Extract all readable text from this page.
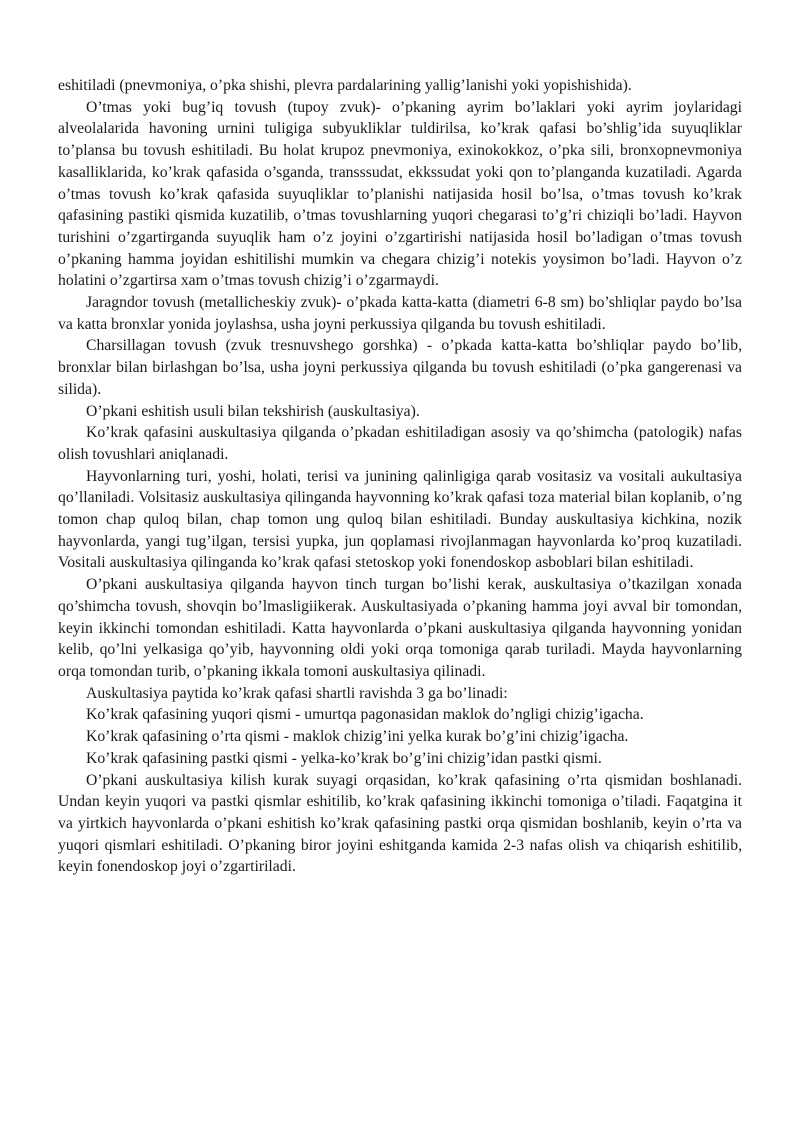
eshitiladi (pnevmoniya, o’pka shishi, plevra pardalarining yallig’lanishi yoki yopishishida).

O’tmas yoki bug’iq tovush (tupoy zvuk)- o’pkaning ayrim bo’laklari yoki ayrim joylaridagi alveolalarida havoning urnini tuligiga subyukliklar tuldirilsa, ko’krak qafasi bo’shlig’ida suyuqliklar to’plansa bu tovush eshitiladi. Bu holat krupoz pnevmoniya, exinokokkoz, o’pka sili, bronxopnevmoniya kasalliklarida, ko’krak qafasida o’sganda, transssudat, ekkssudat yoki qon to’planganda kuzatiladi. Agarda o’tmas tovush ko’krak qafasida suyuqliklar to’planishi natijasida hosil bo’lsa, o’tmas tovush ko’krak qafasining pastiki qismida kuzatilib, o’tmas tovushlarning yuqori chegarasi to’g’ri chiziqli bo’ladi. Hayvon turishini o’zgartirganda suyuqlik ham o’z joyini o’zgartirishi natijasida hosil bo’ladigan o’tmas tovush o’pkaning hamma joyidan eshitilishi mumkin va chegara chizig’i notekis yoysimon bo’ladi. Hayvon o’z holatini o’zgartirsa xam o’tmas tovush chizig’i o’zgarmaydi.

Jaragndor tovush (metallicheskiy zvuk)- o’pkada katta-katta (diametri 6-8 sm) bo’shliqlar paydo bo’lsa va katta bronxlar yonida joylashsa, usha joyni perkussiya qilganda bu tovush eshitiladi.

Charsillagan tovush (zvuk tresnuvshego gorshka) - o’pkada katta-katta bo’shliqlar paydo bo’lib, bronxlar bilan birlashgan bo’lsa, usha joyni perkussiya qilganda bu tovush eshitiladi (o’pka gangerenasi va silida).

O’pkani eshitish usuli bilan tekshirish (auskultasiya).

Ko’krak qafasini auskultasiya qilganda o’pkadan eshitiladigan asosiy va qo’shimcha (patologik) nafas olish tovushlari aniqlanadi.

Hayvonlarning turi, yoshi, holati, terisi va junining qalinligiga qarab vositasiz va vositali aukultasiya qo’llaniladi. Volsitasiz auskultasiya qilinganda hayvonning ko’krak qafasi toza material bilan koplanib, o’ng tomon chap quloq bilan, chap tomon ung quloq bilan eshitiladi. Bunday auskultasiya kichkina, nozik hayvonlarda, yangi tug’ilgan, tersisi yupka, jun qoplamasi rivojlanmagan hayvonlarda ko’proq kuzatiladi. Vositali auskultasiya qilinganda ko’krak qafasi stetoskop yoki fonendoskop asboblari bilan eshitiladi.

O’pkani auskultasiya qilganda hayvon tinch turgan bo’lishi kerak, auskultasiya o’tkazilgan xonada qo’shimcha tovush, shovqin bo’lmasligiikerak. Auskultasiyada o’pkaning hamma joyi avval bir tomondan, keyin ikkinchi tomondan eshitiladi. Katta hayvonlarda o’pkani auskultasiya qilganda hayvonning yonidan kelib, qo’lni yelkasiga qo’yib, hayvonning oldi yoki orqa tomoniga qarab turiladi. Mayda hayvonlarning orqa tomondan turib, o’pkaning ikkala tomoni auskultasiya qilinadi.

Auskultasiya paytida ko’krak qafasi shartli ravishda 3 ga bo’linadi:

Ko’krak qafasining yuqori qismi - umurtqa pagonasidan maklok do’ngligi chizig’igacha.

Ko’krak qafasining o’rta qismi - maklok chizig’ini yelka kurak bo’g’ini chizig’igacha.

Ko’krak qafasining pastki qismi - yelka-ko’krak bo’g’ini chizig’idan pastki qismi.

O’pkani auskultasiya kilish kurak suyagi orqasidan, ko’krak qafasining o’rta qismidan boshlanadi. Undan keyin yuqori va pastki qismlar eshitilib, ko’krak qafasining ikkinchi tomoniga o’tiladi. Faqatgina it va yirtkich hayvonlarda o’pkani eshitish ko’krak qafasining pastki orqa qismidan boshlanib, keyin o’rta va yuqori qismlari eshitiladi. O’pkaning biror joyini eshitganda kamida 2-3 nafas olish va chiqarish eshitilib, keyin fonendoskop joyi o’zgartiriladi.
